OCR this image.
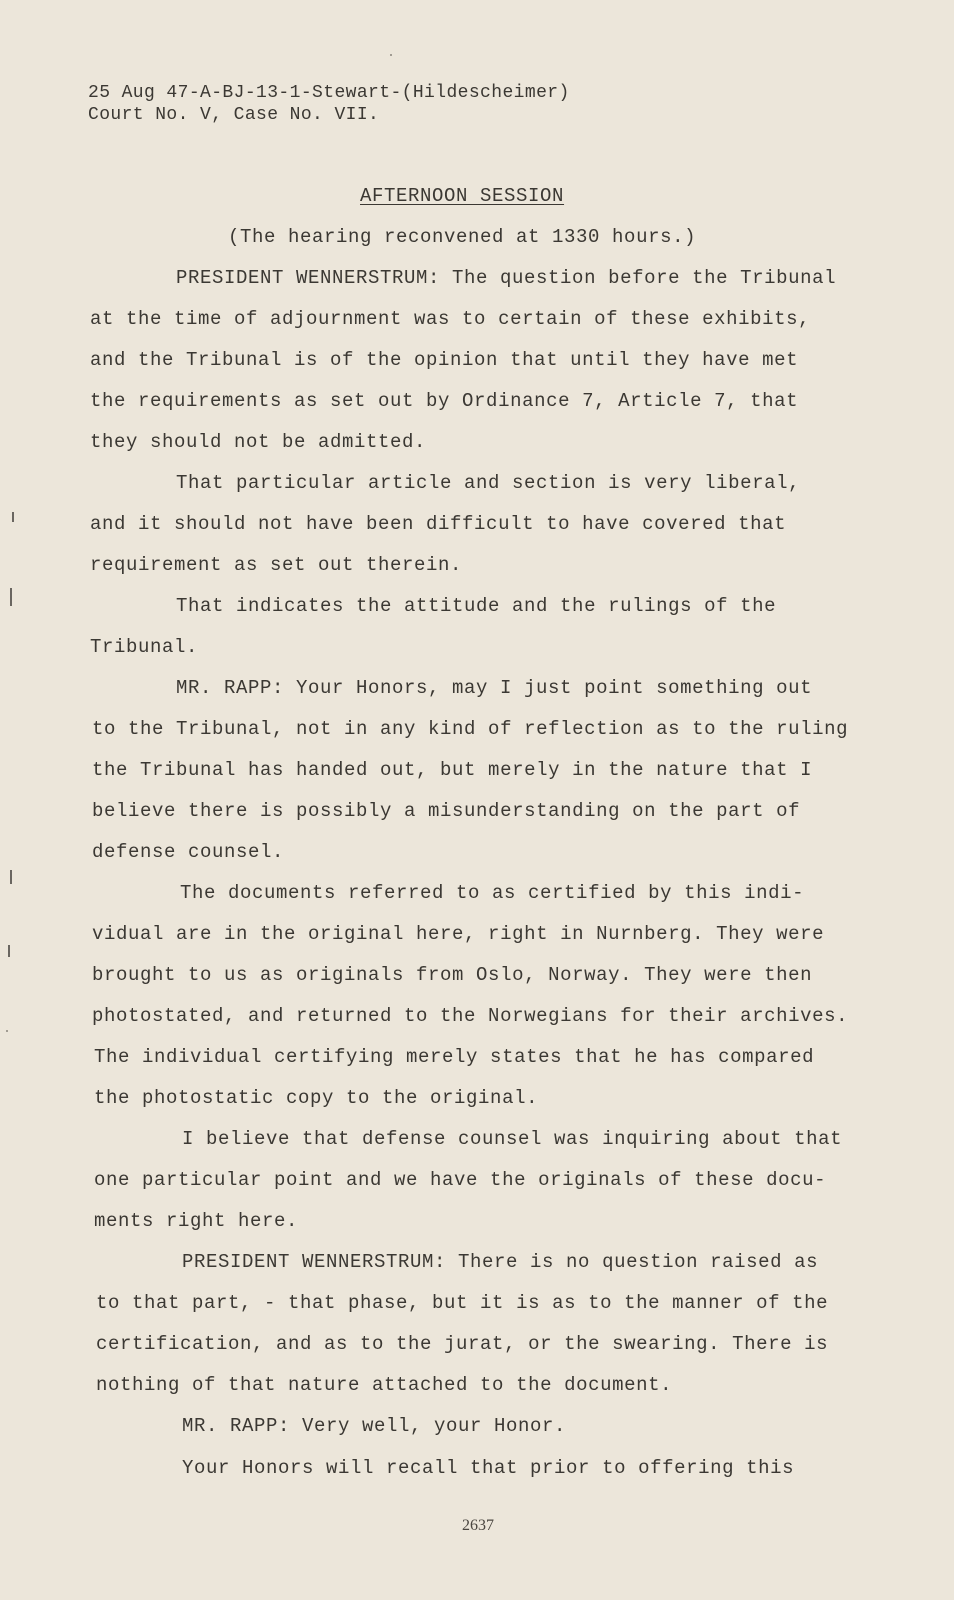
25 Aug 47-A-BJ-13-1-Stewart-(Hildescheimer)
Court No. V, Case No. VII.
AFTERNOON SESSION
(The hearing reconvened at 1330 hours.)
PRESIDENT WENNERSTRUM: The question before the Tribunal
at the time of adjournment was to certain of these exhibits,
and the Tribunal is of the opinion that until they have met
the requirements as set out by Ordinance 7, Article 7, that
they should not be admitted.
That particular article and section is very liberal,
and it should not have been difficult to have covered that
requirement as set out therein.
That indicates the attitude and the rulings of the
Tribunal.
MR. RAPP: Your Honors, may I just point something out
to the Tribunal, not in any kind of reflection as to the ruling
the Tribunal has handed out, but merely in the nature that I
believe there is possibly a misunderstanding on the part of
defense counsel.
The documents referred to as certified by this indi-
vidual are in the original here, right in Nurnberg. They were
brought to us as originals from Oslo, Norway. They were then
photostated, and returned to the Norwegians for their archives.
The individual certifying merely states that he has compared
the photostatic copy to the original.
I believe that defense counsel was inquiring about that
one particular point and we have the originals of these docu-
ments right here.
PRESIDENT WENNERSTRUM: There is no question raised as
to that part, - that phase, but it is as to the manner of the
certification, and as to the jurat, or the swearing. There is
nothing of that nature attached to the document.
MR. RAPP: Very well, your Honor.
Your Honors will recall that prior to offering this
2637
